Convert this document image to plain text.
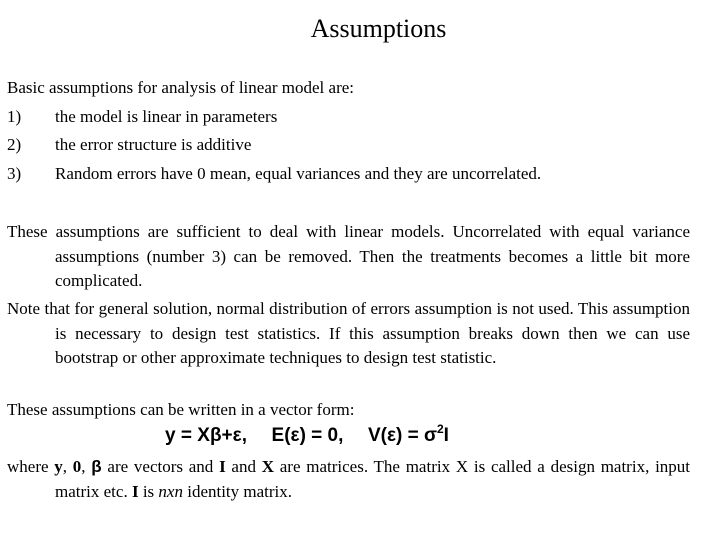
Assumptions
Basic assumptions for analysis of linear model are:
1)	the model is linear in parameters
2)	the error structure is additive
3)	Random errors have 0 mean, equal variances and they are uncorrelated.
These assumptions are sufficient to deal with linear models. Uncorrelated with equal variance assumptions (number 3) can be removed. Then the treatments becomes a little bit more complicated.
Note that for general solution, normal distribution of errors assumption is not used. This assumption is necessary to design test statistics. If this assumption breaks down then we can use bootstrap or other approximate techniques to design test statistic.
These assumptions can be written in a vector form:
y = Xβ+ε, E(ε) = 0, $V(\varepsilon) = \sigma^2I$
where y, 0, β are vectors and I and X are matrices. The matrix X is called a design matrix, input matrix etc. I is nxn identity matrix.
